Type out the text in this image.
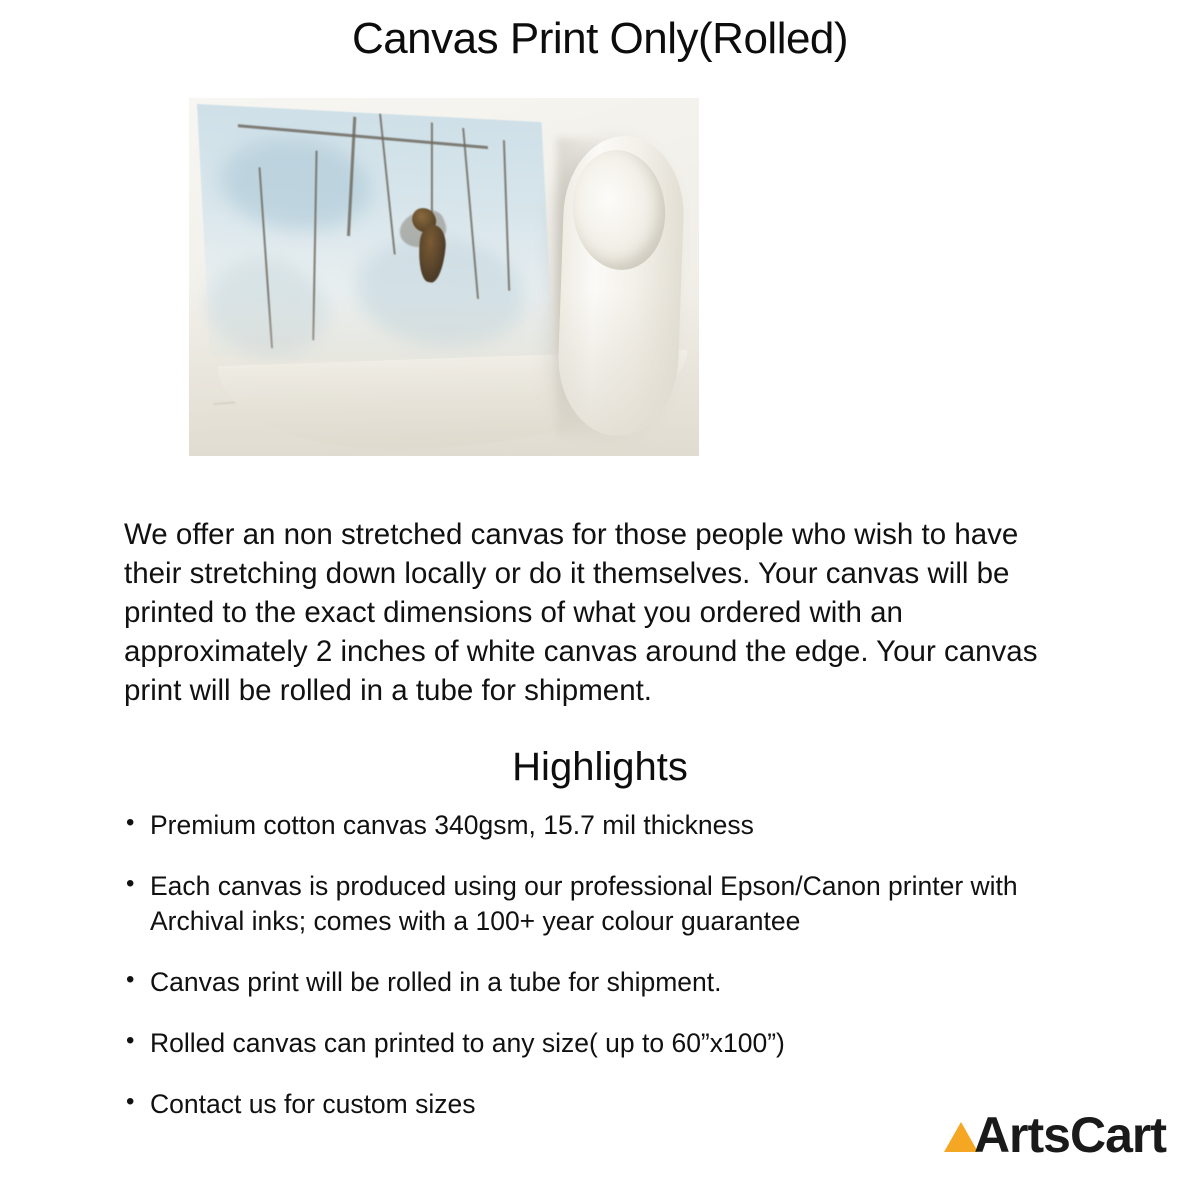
Canvas Print Only(Rolled)

We offer an non stretched canvas for those people who wish to have their stretching down locally or do it themselves. Your canvas will be printed to the exact dimensions of what you ordered with an approximately 2 inches of white canvas around the edge. Your canvas print will be rolled in a tube for shipment.

Highlights
• Premium cotton canvas 340gsm, 15.7 mil thickness
• Each canvas is produced using our professional Epson/Canon printer with Archival inks; comes with a 100+ year colour guarantee
• Canvas print will be rolled in a tube for shipment.
• Rolled canvas can printed to any size( up to 60”x100”)
• Contact us for custom sizes
ArtsCart
